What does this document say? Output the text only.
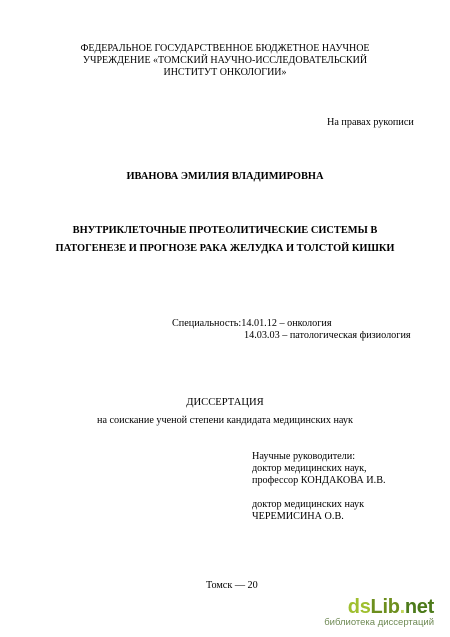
ФЕДЕРАЛЬНОЕ ГОСУДАРСТВЕННОЕ БЮДЖЕТНОЕ НАУЧНОЕ
УЧРЕЖДЕНИЕ «ТОМСКИЙ НАУЧНО-ИССЛЕДОВАТЕЛЬСКИЙ
ИНСТИТУТ ОНКОЛОГИИ»
На правах рукописи
ИВАНОВА ЭМИЛИЯ ВЛАДИМИРОВНА
ВНУТРИКЛЕТОЧНЫЕ ПРОТЕОЛИТИЧЕСКИЕ СИСТЕМЫ В
ПАТОГЕНЕЗЕ И ПРОГНОЗЕ РАКА ЖЕЛУДКА И ТОЛСТОЙ КИШКИ
Специальность:14.01.12 – онкология
14.03.03 – патологическая физиология
ДИССЕРТАЦИЯ
на соискание ученой степени кандидата медицинских наук
Научные руководители:
доктор медицинских наук,
профессор КОНДАКОВА И.В.
доктор медицинских наук
ЧЕРЕМИСИНА О.В.
Томск — 20
dsLib.net
библиотека диссертаций
